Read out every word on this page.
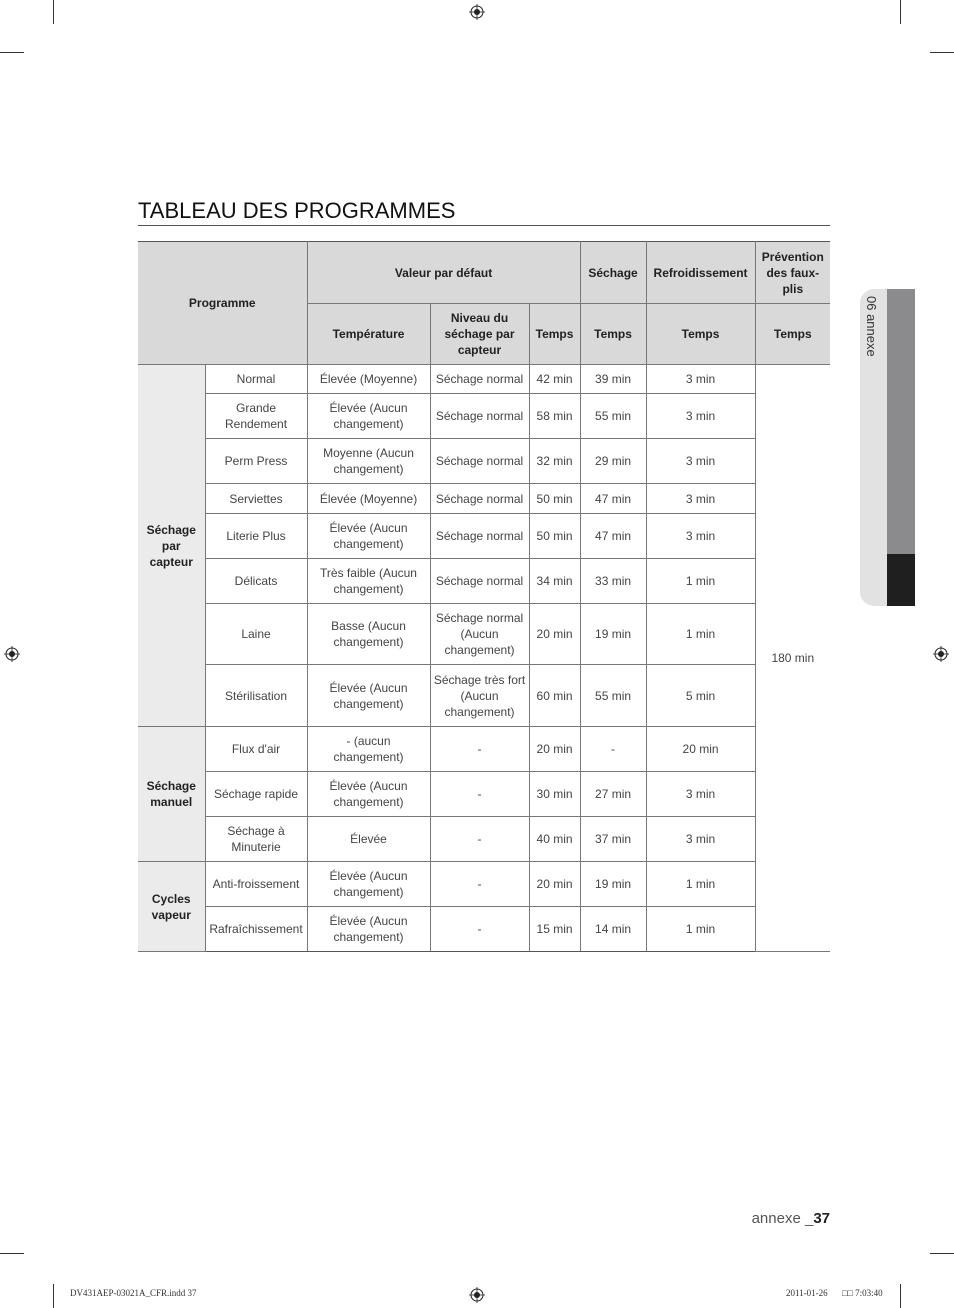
TABLEAU DES PROGRAMMES
Programme		Valeur par défaut			Séchage	Refroidissement	Prévention des faux-plis
		Température	Niveau du séchage par capteur	Temps	Temps	Temps	Temps
Séchage par capteur	Normal	Élevée (Moyenne)	Séchage normal	42 min	39 min	3 min	180 min
	Grande Rendement	Élevée (Aucun changement)	Séchage normal	58 min	55 min	3 min	
	Perm Press	Moyenne (Aucun changement)	Séchage normal	32 min	29 min	3 min	
	Serviettes	Élevée (Moyenne)	Séchage normal	50 min	47 min	3 min	
	Literie Plus	Élevée (Aucun changement)	Séchage normal	50 min	47 min	3 min	
	Délicats	Très faible (Aucun changement)	Séchage normal	34 min	33 min	1 min	
	Laine	Basse (Aucun changement)	Séchage normal (Aucun changement)	20 min	19 min	1 min	
	Stérilisation	Élevée (Aucun changement)	Séchage très fort (Aucun changement)	60 min	55 min	5 min	
Séchage manuel	Flux d'air	- (aucun changement)	-	20 min	-	20 min	
	Séchage rapide	Élevée (Aucun changement)	-	30 min	27 min	3 min	
	Séchage à Minuterie	Élevée	-	40 min	37 min	3 min	
Cycles vapeur	Anti-froissement	Élevée (Aucun changement)	-	20 min	19 min	1 min	
	Rafraîchissement	Élevée (Aucun changement)	-	15 min	14 min	1 min	
06 annexe
annexe _37
DV431AEP-03021A_CFR.indd 37	2011-01-26 □□ 7:03:40
